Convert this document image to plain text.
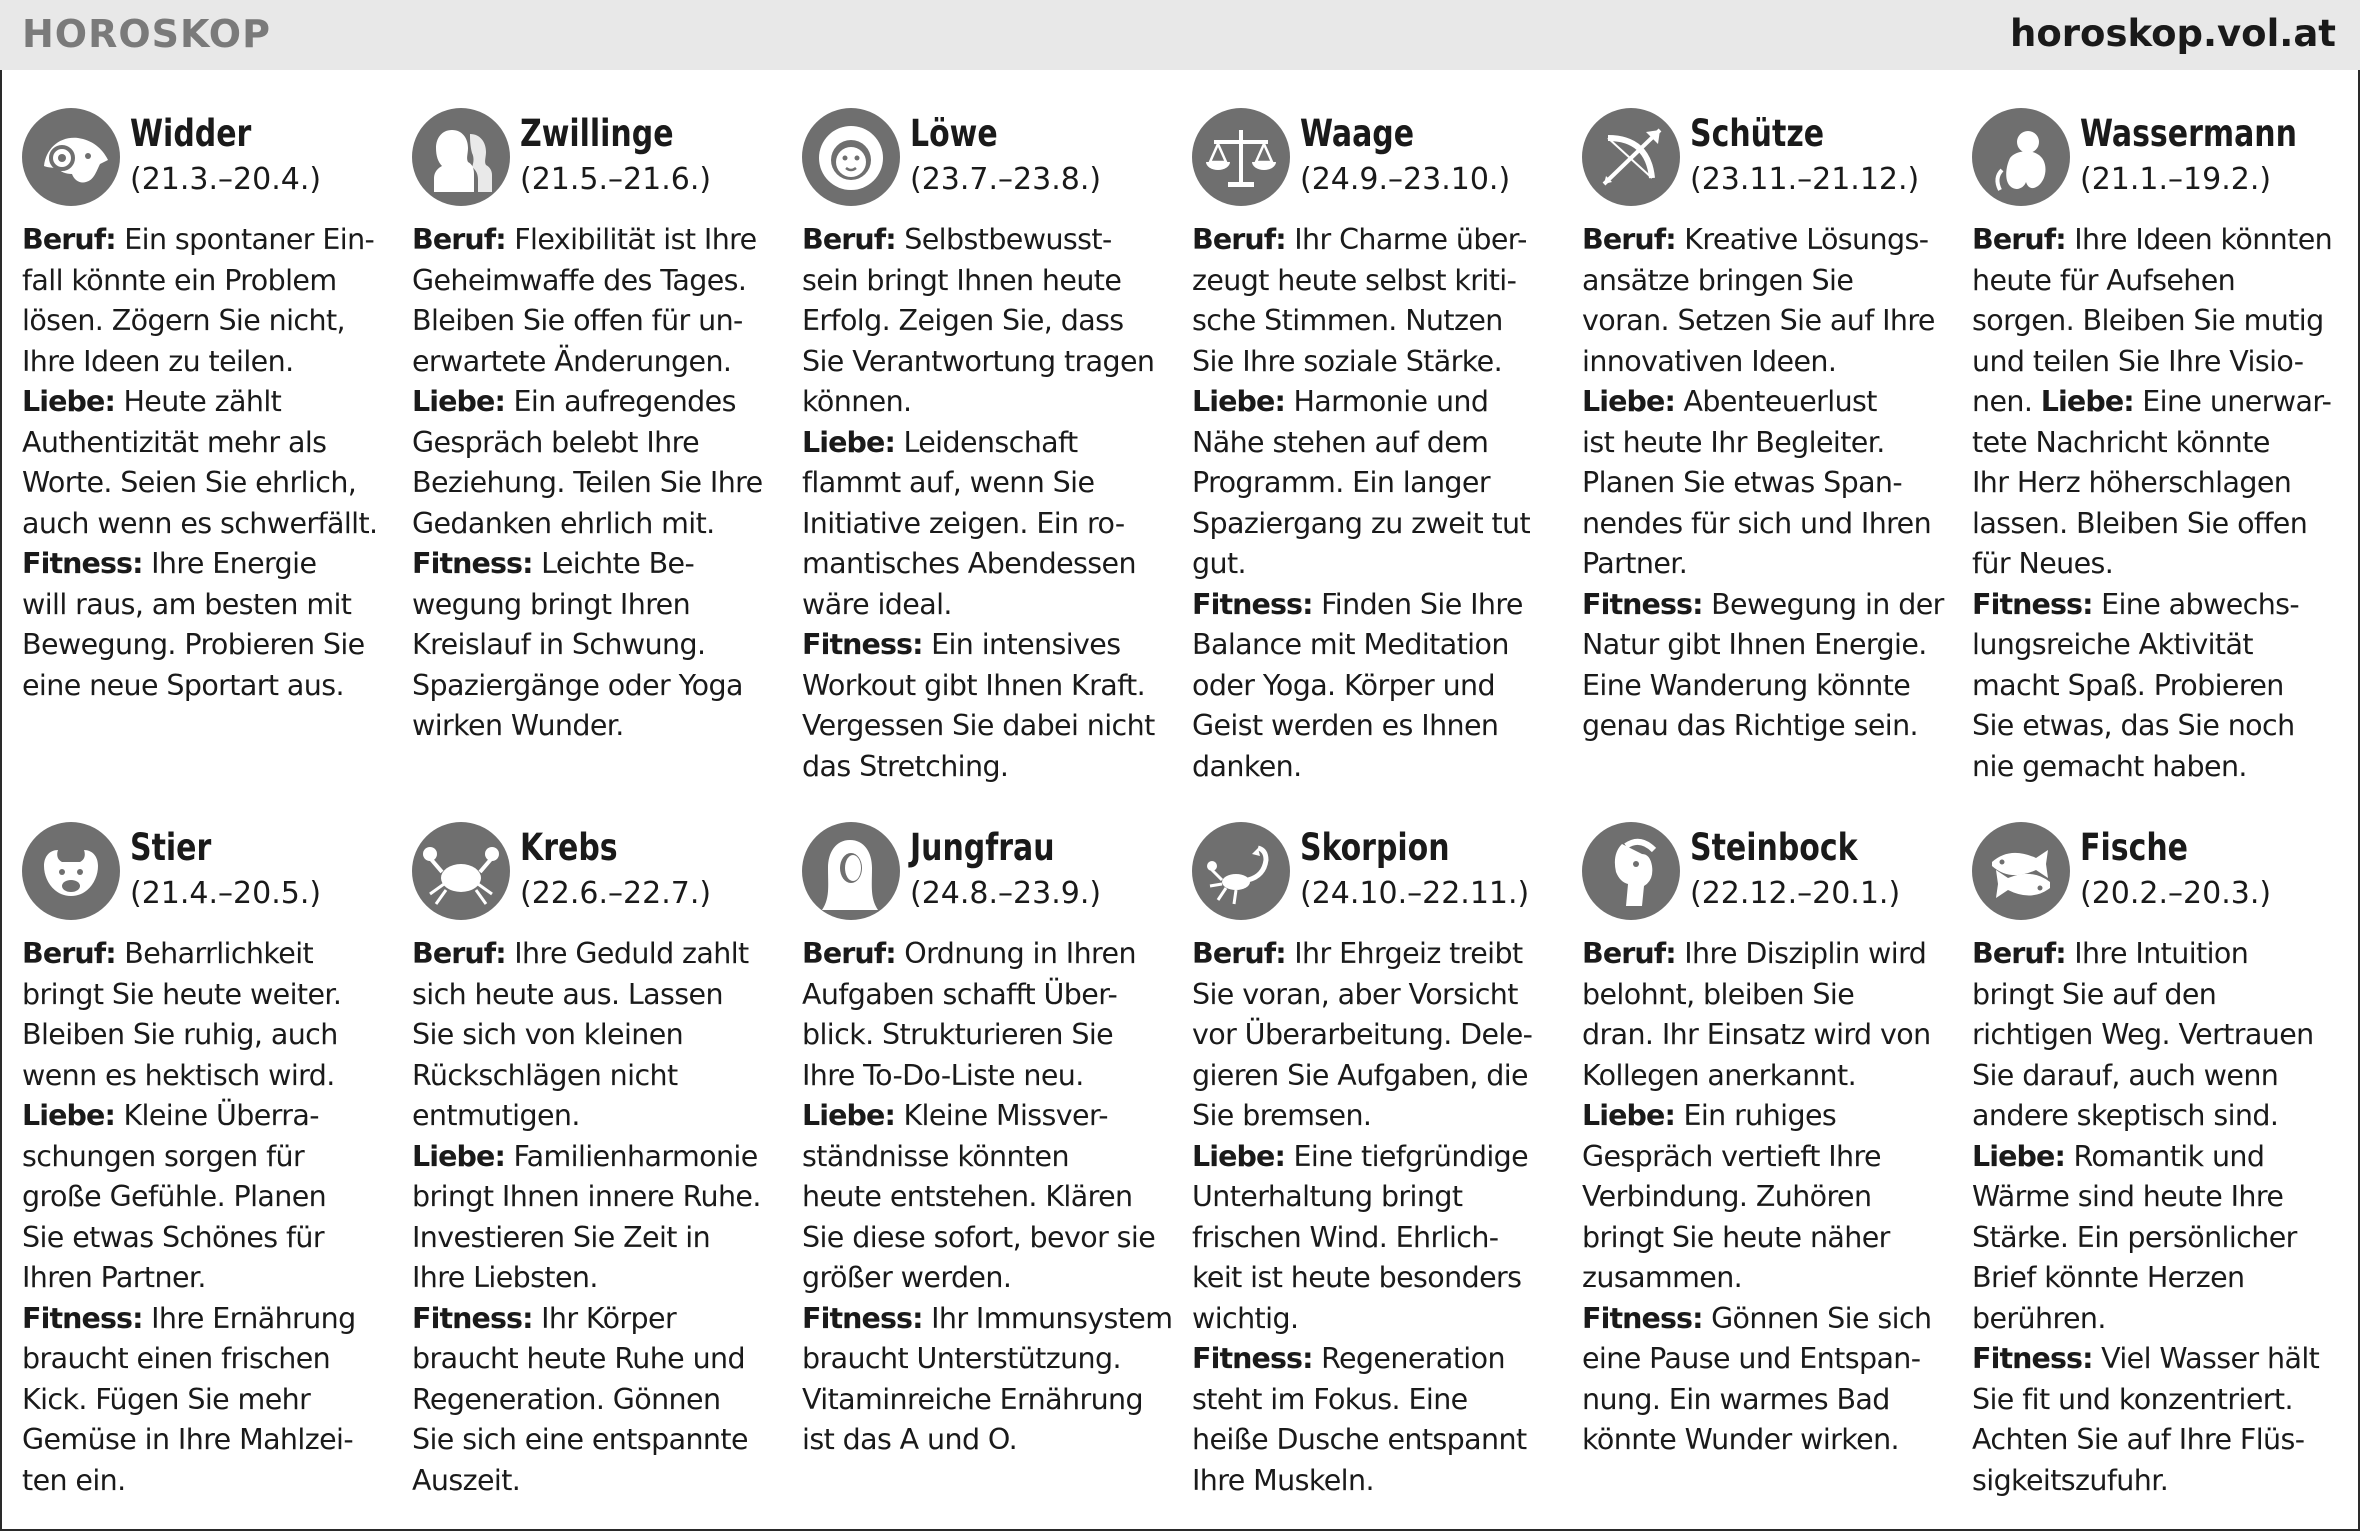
HOROSKOP	horoskop.vol.at
Widder
(21.3.–20.4.)
Beruf: Ein spontaner Ein-
fall könnte ein Problem
lösen. Zögern Sie nicht,
Ihre Ideen zu teilen.
Liebe: Heute zählt
Authentizität mehr als
Worte. Seien Sie ehrlich,
auch wenn es schwerfällt.
Fitness: Ihre Energie
will raus, am besten mit
Bewegung. Probieren Sie
eine neue Sportart aus.
Zwillinge
(21.5.–21.6.)
Beruf: Flexibilität ist Ihre
Geheimwaffe des Tages.
Bleiben Sie offen für un-
erwartete Änderungen.
Liebe: Ein aufregendes
Gespräch belebt Ihre
Beziehung. Teilen Sie Ihre
Gedanken ehrlich mit.
Fitness: Leichte Be-
wegung bringt Ihren
Kreislauf in Schwung.
Spaziergänge oder Yoga
wirken Wunder.
Löwe
(23.7.–23.8.)
Beruf: Selbstbewusst-
sein bringt Ihnen heute
Erfolg. Zeigen Sie, dass
Sie Verantwortung tragen
können.
Liebe: Leidenschaft
flammt auf, wenn Sie
Initiative zeigen. Ein ro-
mantisches Abendessen
wäre ideal.
Fitness: Ein intensives
Workout gibt Ihnen Kraft.
Vergessen Sie dabei nicht
das Stretching.
Waage
(24.9.–23.10.)
Beruf: Ihr Charme über-
zeugt heute selbst kriti-
sche Stimmen. Nutzen
Sie Ihre soziale Stärke.
Liebe: Harmonie und
Nähe stehen auf dem
Programm. Ein langer
Spaziergang zu zweit tut
gut.
Fitness: Finden Sie Ihre
Balance mit Meditation
oder Yoga. Körper und
Geist werden es Ihnen
danken.
Schütze
(23.11.–21.12.)
Beruf: Kreative Lösungs-
ansätze bringen Sie
voran. Setzen Sie auf Ihre
innovativen Ideen.
Liebe: Abenteuerlust
ist heute Ihr Begleiter.
Planen Sie etwas Span-
nendes für sich und Ihren
Partner.
Fitness: Bewegung in der
Natur gibt Ihnen Energie.
Eine Wanderung könnte
genau das Richtige sein.
Wassermann
(21.1.–19.2.)
Beruf: Ihre Ideen könnten
heute für Aufsehen
sorgen. Bleiben Sie mutig
und teilen Sie Ihre Visio-
nen. Liebe: Eine unerwar-
tete Nachricht könnte
Ihr Herz höherschlagen
lassen. Bleiben Sie offen
für Neues.
Fitness: Eine abwechs-
lungsreiche Aktivität
macht Spaß. Probieren
Sie etwas, das Sie noch
nie gemacht haben.
Stier
(21.4.–20.5.)
Beruf: Beharrlichkeit
bringt Sie heute weiter.
Bleiben Sie ruhig, auch
wenn es hektisch wird.
Liebe: Kleine Überra-
schungen sorgen für
große Gefühle. Planen
Sie etwas Schönes für
Ihren Partner.
Fitness: Ihre Ernährung
braucht einen frischen
Kick. Fügen Sie mehr
Gemüse in Ihre Mahlzei-
ten ein.
Krebs
(22.6.–22.7.)
Beruf: Ihre Geduld zahlt
sich heute aus. Lassen
Sie sich von kleinen
Rückschlägen nicht
entmutigen.
Liebe: Familienharmonie
bringt Ihnen innere Ruhe.
Investieren Sie Zeit in
Ihre Liebsten.
Fitness: Ihr Körper
braucht heute Ruhe und
Regeneration. Gönnen
Sie sich eine entspannte
Auszeit.
Jungfrau
(24.8.–23.9.)
Beruf: Ordnung in Ihren
Aufgaben schafft Über-
blick. Strukturieren Sie
Ihre To-Do-Liste neu.
Liebe: Kleine Missver-
ständnisse könnten
heute entstehen. Klären
Sie diese sofort, bevor sie
größer werden.
Fitness: Ihr Immunsystem
braucht Unterstützung.
Vitaminreiche Ernährung
ist das A und O.
Skorpion
(24.10.–22.11.)
Beruf: Ihr Ehrgeiz treibt
Sie voran, aber Vorsicht
vor Überarbeitung. Dele-
gieren Sie Aufgaben, die
Sie bremsen.
Liebe: Eine tiefgründige
Unterhaltung bringt
frischen Wind. Ehrlich-
keit ist heute besonders
wichtig.
Fitness: Regeneration
steht im Fokus. Eine
heiße Dusche entspannt
Ihre Muskeln.
Steinbock
(22.12.–20.1.)
Beruf: Ihre Disziplin wird
belohnt, bleiben Sie
dran. Ihr Einsatz wird von
Kollegen anerkannt.
Liebe: Ein ruhiges
Gespräch vertieft Ihre
Verbindung. Zuhören
bringt Sie heute näher
zusammen.
Fitness: Gönnen Sie sich
eine Pause und Entspan-
nung. Ein warmes Bad
könnte Wunder wirken.
Fische
(20.2.–20.3.)
Beruf: Ihre Intuition
bringt Sie auf den
richtigen Weg. Vertrauen
Sie darauf, auch wenn
andere skeptisch sind.
Liebe: Romantik und
Wärme sind heute Ihre
Stärke. Ein persönlicher
Brief könnte Herzen
berühren.
Fitness: Viel Wasser hält
Sie fit und konzentriert.
Achten Sie auf Ihre Flüs-
sigkeitszufuhr.
